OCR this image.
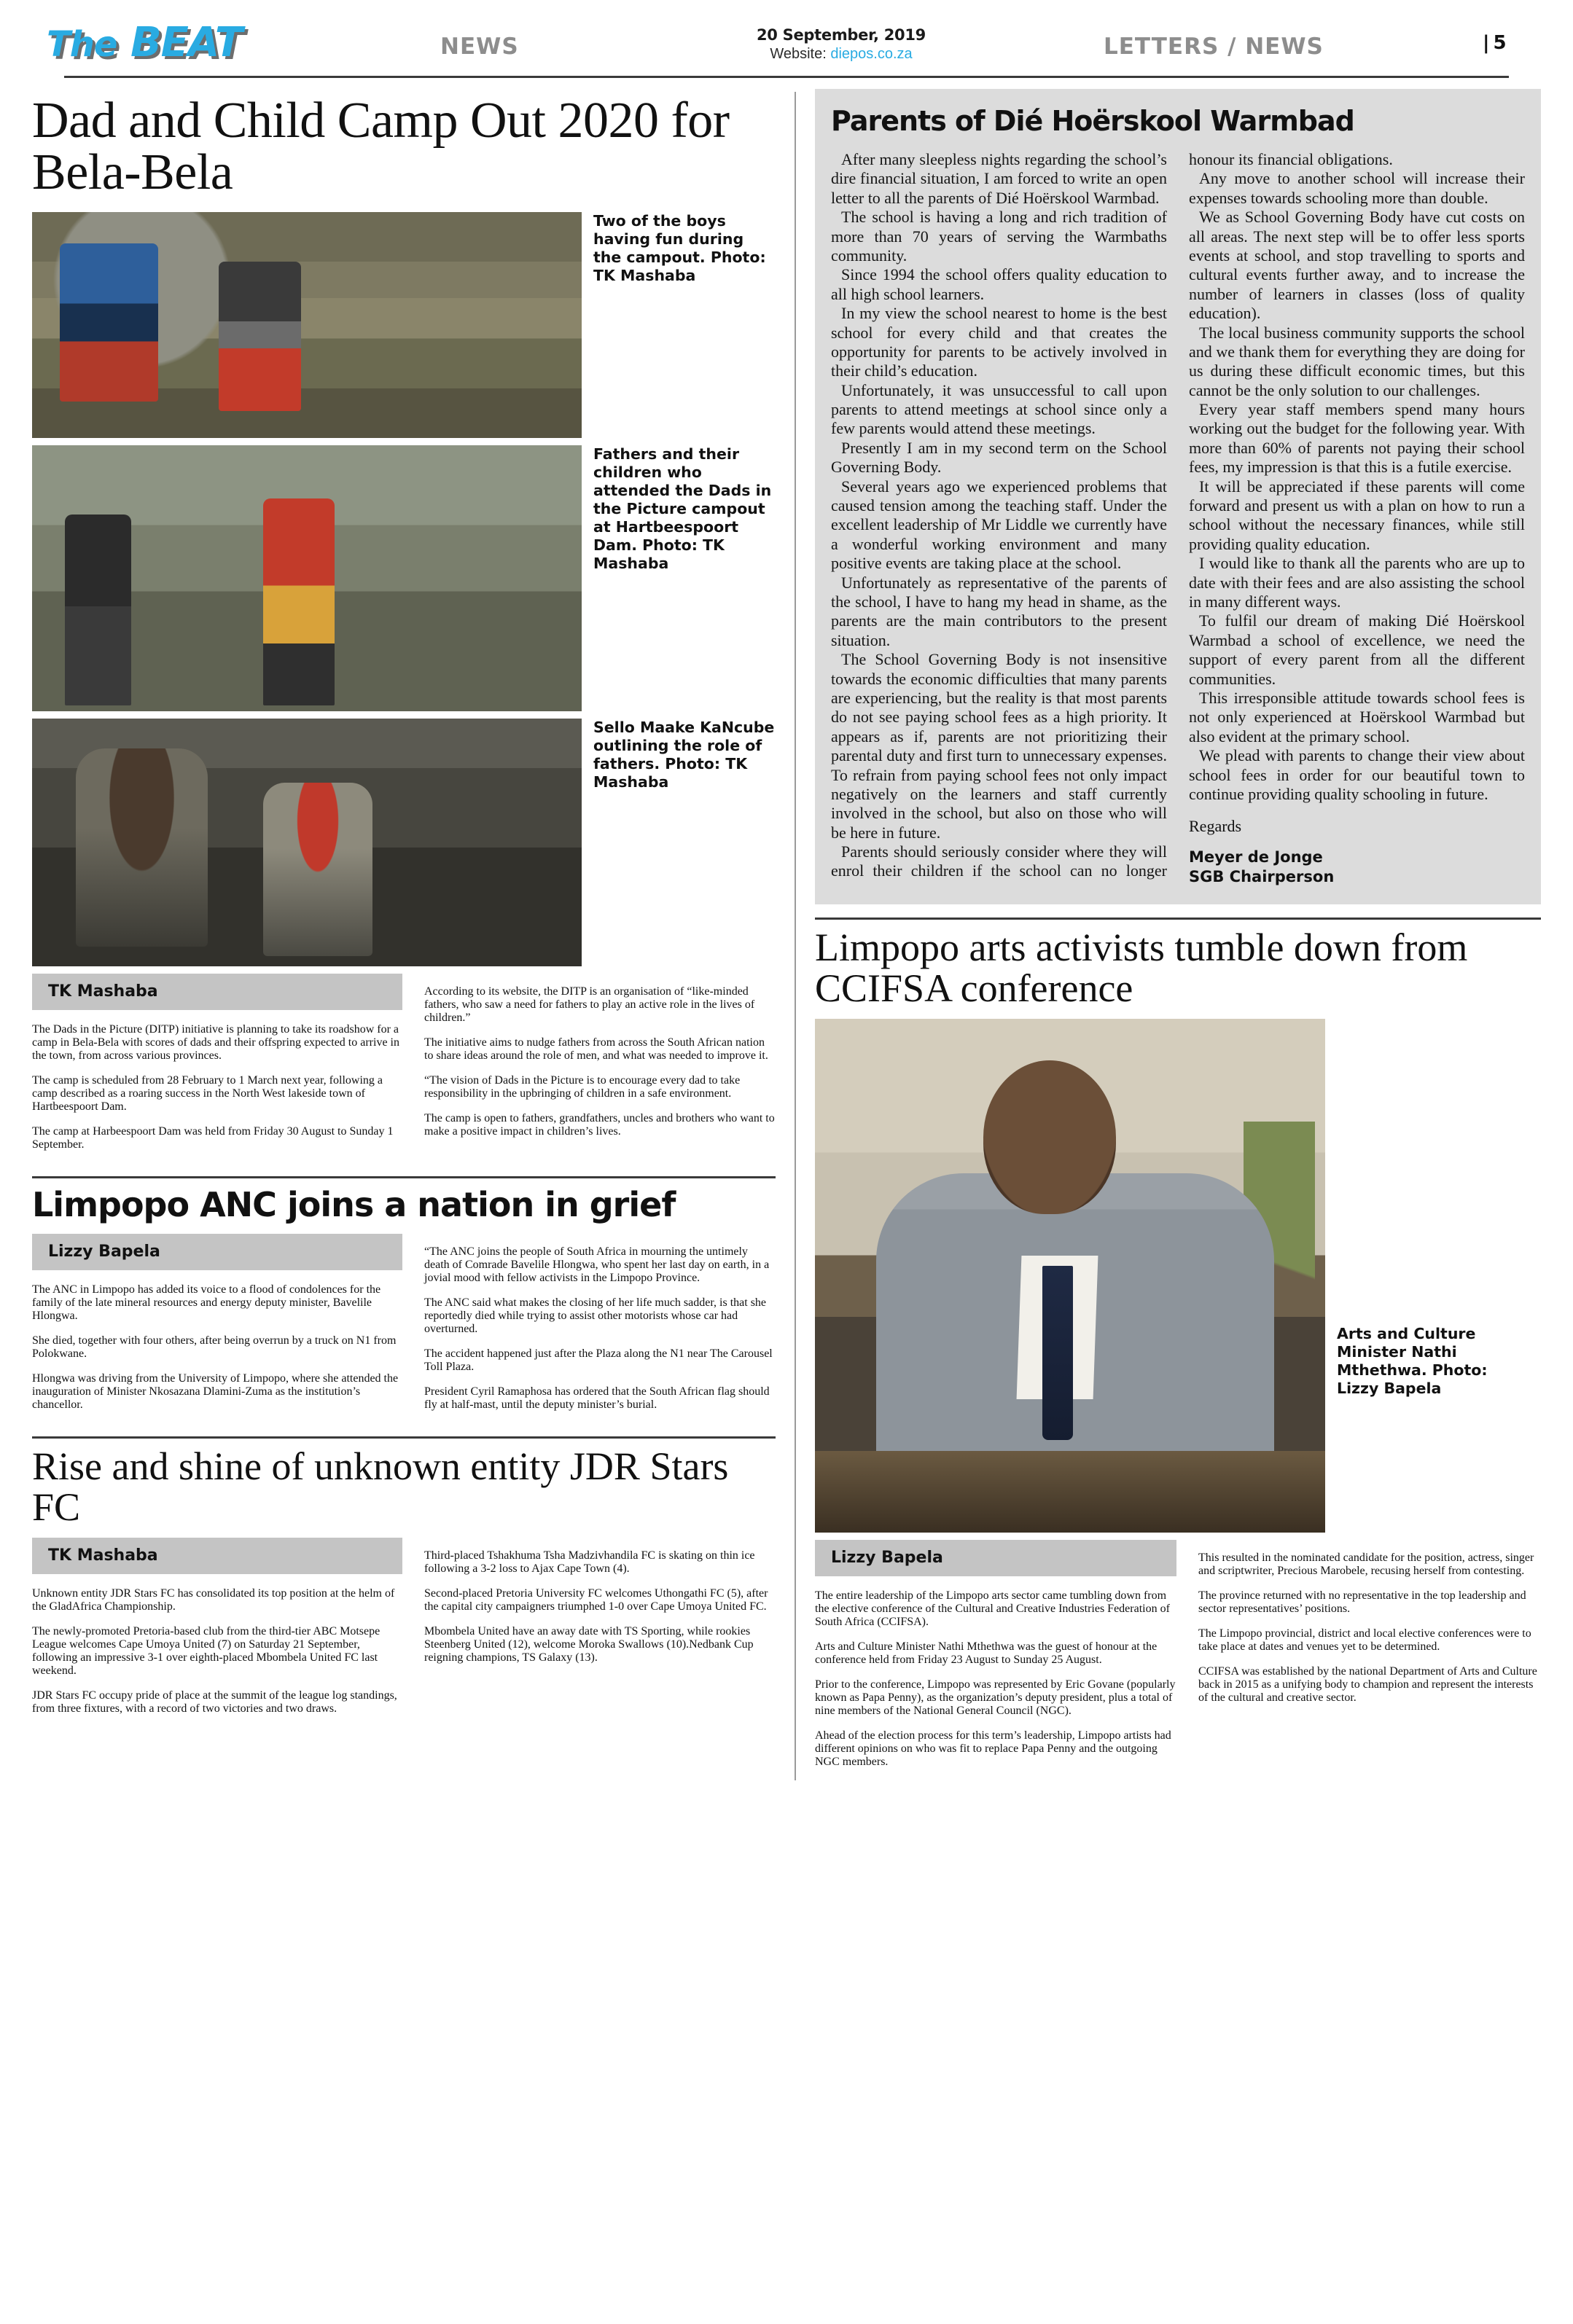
The BEAT	NEWS	20 September, 2019
Website: diepos.co.za	LETTERS / NEWS	| 5
Dad and Child Camp Out 2020 for Bela-Bela
Two of the boys having fun during the campout. Photo: TK Mashaba
Fathers and their children who attended the Dads in the Picture campout at Hartbeespoort Dam. Photo: TK Mashaba
Sello Maake KaNcube outlining the role of fathers. Photo: TK Mashaba
TK Mashaba

The Dads in the Picture (DITP) initiative is planning to take its roadshow for a camp in Bela-Bela with scores of dads and their offspring expected to arrive in the town, from across various provinces.

The camp is scheduled from 28 February to 1 March next year, following a camp described as a roaring success in the North West lakeside town of Hartbeespoort Dam.

The camp at Harbeespoort Dam was held from Friday 30 August to Sunday 1 September.

According to its website, the DITP is an organisation of “like-minded fathers, who saw a need for fathers to play an active role in the lives of children.”

The initiative aims to nudge fathers from across the South African nation to share ideas around the role of men, and what was needed to improve it.

“The vision of Dads in the Picture is to encourage every dad to take responsibility in the upbringing of children in a safe environment.

The camp is open to fathers, grandfathers, uncles and brothers who want to make a positive impact in children’s lives.

Limpopo ANC joins a nation in grief
Lizzy Bapela

The ANC in Limpopo has added its voice to a flood of condolences for the family of the late mineral resources and energy deputy minister, Bavelile Hlongwa.

She died, together with four others, after being overrun by a truck on N1 from Polokwane.

Hlongwa was driving from the University of Limpopo, where she attended the inauguration of Minister Nkosazana Dlamini-Zuma as the institution’s chancellor.

“The ANC joins the people of South Africa in mourning the untimely death of Comrade Bavelile Hlongwa, who spent her last day on earth, in a jovial mood with fellow activists in the Limpopo Province.

The ANC said what makes the closing of her life much sadder, is that she reportedly died while trying to assist other motorists whose car had overturned.

The accident happened just after the Plaza along the N1 near The Carousel Toll Plaza.

President Cyril Ramaphosa has ordered that the South African flag should fly at half-mast, until the deputy minister’s burial.

Rise and shine of unknown entity JDR Stars FC
TK Mashaba

Unknown entity JDR Stars FC has consolidated its top position at the helm of the GladAfrica Championship.

The newly-promoted Pretoria-based club from the third-tier ABC Motsepe League welcomes Cape Umoya United (7) on Saturday 21 September, following an impressive 3-1 over eighth-placed Mbombela United FC last weekend.

JDR Stars FC occupy pride of place at the summit of the league log standings, from three fixtures, with a record of two victories and two draws.

Third-placed Tshakhuma Tsha Madzivhandila FC is skating on thin ice following a 3-2 loss to Ajax Cape Town (4).

Second-placed Pretoria University FC welcomes Uthongathi FC (5), after the capital city campaigners triumphed 1-0 over Cape Umoya United FC.

Mbombela United have an away date with TS Sporting, while rookies Steenberg United (12), welcome Moroka Swallows (10).Nedbank Cup reigning champions, TS Galaxy (13).

Parents of Dié Hoërskool Warmbad

After many sleepless nights regarding the school’s dire financial situation, I am forced to write an open letter to all the parents of Dié Hoërskool Warmbad.

The school is having a long and rich tradition of more than 70 years of serving the Warmbaths community.

Since 1994 the school offers quality education to all high school learners.

In my view the school nearest to home is the best school for every child and that creates the opportunity for parents to be actively involved in their child’s education.

Unfortunately, it was unsuccessful to call upon parents to attend meetings at school since only a few parents would attend these meetings.

Presently I am in my second term on the School Governing Body.

Several years ago we experienced problems that caused tension among the teaching staff. Under the excellent leadership of Mr Liddle we currently have a wonderful working environment and many positive events are taking place at the school.

Unfortunately as representative of the parents of the school, I have to hang my head in shame, as the parents are the main contributors to the present situation.

The School Governing Body is not insensitive towards the economic difficulties that many parents are experiencing, but the reality is that most parents do not see paying school fees as a high priority. It appears as if, parents are not prioritizing their parental duty and first turn to unnecessary expenses. To refrain from paying school fees not only impact negatively on the learners and staff currently involved in the school, but also on those who will be here in future.

Parents should seriously consider where they will enrol their children if the school can no longer honour its financial obligations.

Any move to another school will increase their expenses towards schooling more than double.

We as School Governing Body have cut costs on all areas. The next step will be to offer less sports events at school, and stop travelling to sports and cultural events further away, and to increase the number of learners in classes (loss of quality education).

The local business community supports the school and we thank them for everything they are doing for us during these difficult economic times, but this cannot be the only solution to our challenges.

Every year staff members spend many hours working out the budget for the following year. With more than 60% of parents not paying their school fees, my impression is that this is a futile exercise.

It will be appreciated if these parents will come forward and present us with a plan on how to run a school without the necessary finances, while still providing quality education.

I would like to thank all the parents who are up to date with their fees and are also assisting the school in many different ways.

To fulfil our dream of making Dié Hoërskool Warmbad a school of excellence, we need the support of every parent from all the different communities.

This irresponsible attitude towards school fees is not only experienced at Hoërskool Warmbad but also evident at the primary school.

We plead with parents to change their view about school fees in order for our beautiful town to continue providing quality schooling in future.

Regards
Meyer de Jonge
SGB Chairperson
Limpopo arts activists tumble down from CCIFSA conference
Arts and Culture Minister Nathi Mthethwa. Photo: Lizzy Bapela
Lizzy Bapela

The entire leadership of the Limpopo arts sector came tumbling down from the elective conference of the Cultural and Creative Industries Federation of South Africa (CCIFSA).

Arts and Culture Minister Nathi Mthethwa was the guest of honour at the conference held from Friday 23 August to Sunday 25 August.

Prior to the conference, Limpopo was represented by Eric Govane (popularly known as Papa Penny), as the organization’s deputy president, plus a total of nine members of the National General Council (NGC).

Ahead of the election process for this term’s leadership, Limpopo artists had different opinions on who was fit to replace Papa Penny and the outgoing NGC members.

This resulted in the nominated candidate for the position, actress, singer and scriptwriter, Precious Marobele, recusing herself from contesting.

The province returned with no representative in the top leadership and sector representatives’ positions.

The Limpopo provincial, district and local elective conferences were to take place at dates and venues yet to be determined.

CCIFSA was established by the national Department of Arts and Culture back in 2015 as a unifying body to champion and represent the interests of the cultural and creative sector.
